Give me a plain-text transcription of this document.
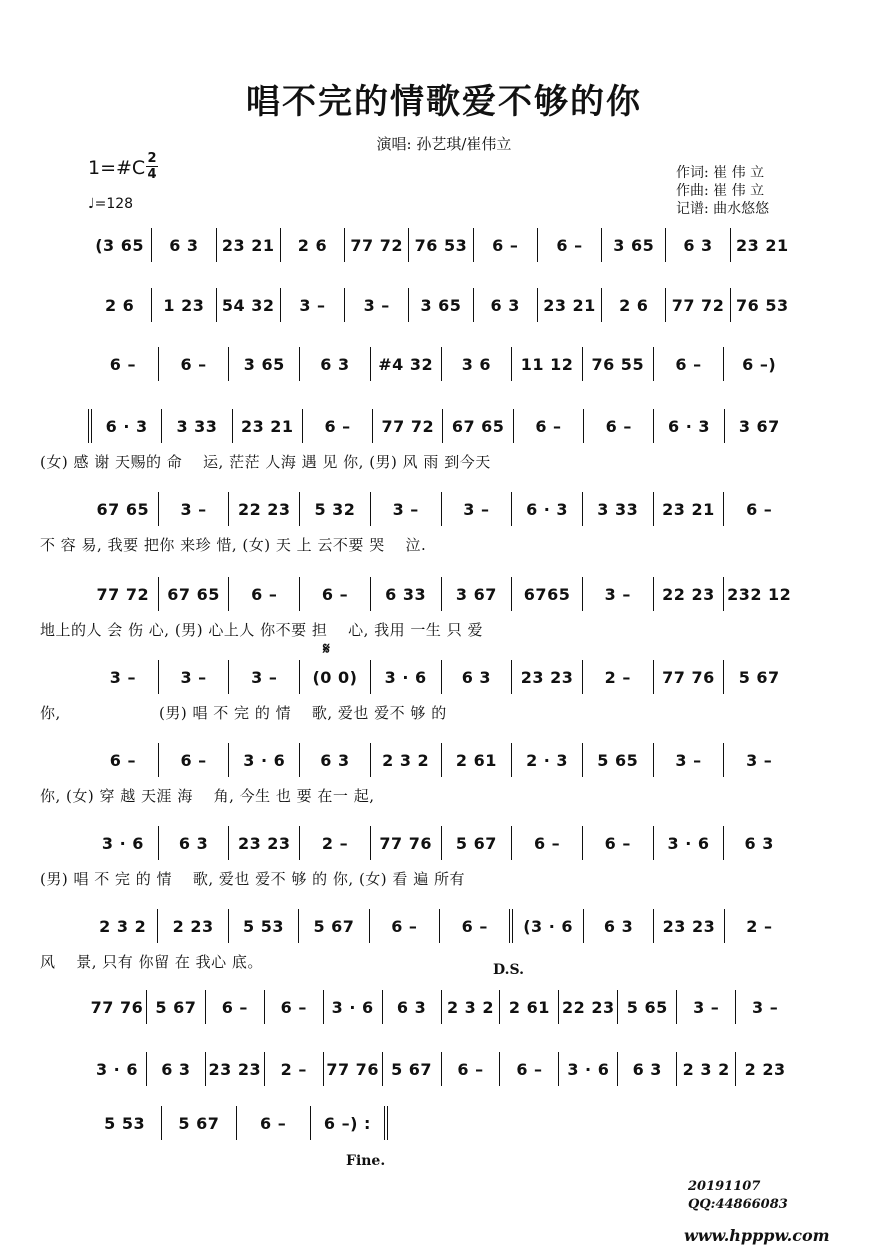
唱不完的情歌爱不够的你
演唱: 孙艺琪/崔伟立
作词: 崔 伟 立
作曲: 崔 伟 立
记谱: 曲水悠悠
1=#C 2
4
♩=128
(3 65	6 3	23 21	2 6	77 72 76 53	6 –	6 –	3 65	6 3	23 21
2 6	1 23	54 32	3 –	3 –	3 65	6 3	23 21	2 6	77 72 76 53
6 –	6 –	3 65	6 3	#4 32	3 6	11 12	76 55	6 –	6 –)
6 · 3	3 33	23 21	6 –	77 72	67 65	6 –	6 –	6 · 3	3 67
(女) 感 谢 天赐的 命　 运, 茫茫 人海 遇 见 你, (男) 风 雨 到今天
67 65	3 –	22 23	5 32	3 –	3 –	6 · 3	3 33	23 21	6 –
不 容 易, 我要 把你 来珍 惜, (女) 天 上 云不要 哭　 泣.
77 72	67 65	6 –	6 –	6 33	3 67	6765	3 –	22 23 232 12
地上的人 会 伤 心, (男) 心上人 你不要 担　 心, 我用 一生 只 爱
3 –	3 –	3 –	(0 0)	3 · 6	6 3	23 23	2 –	77 76	5 67
你,　　　　　　 (男) 唱 不 完 的 情　 歌, 爱也 爱不 够 的
6 –	6 –	3 · 6	6 3	2 3 2	2 61	2 · 3	5 65	3 –	3 –
你, (女) 穿 越 天涯 海　 角, 今生 也 要 在一 起,
3 · 6	6 3	23 23	2 –	77 76	5 67	6 –	6 –	3 · 6	6 3
(男) 唱 不 完 的 情　 歌, 爱也 爱不 够 的 你, (女) 看 遍 所有
2 3 2	2 23	5 53	5 67	6 –	6 –	(3 · 6	6 3	23 23	2 –
风　 景, 只有 你留 在 我心 底。
77 76 5 67	6 –	6 –	3 · 6	6 3	2 3 2 2 61 22 23 5 65	3 –	3 –
3 · 6	6 3	23 23	2 –	77 76 5 67	6 –	6 –	3 · 6	6 3	2 3 2 2 23
5 53	5 67	6 –	6 –) :
𝄋
D.S.
Fine.
20191107
QQ:44866083
www.hpppw.com
